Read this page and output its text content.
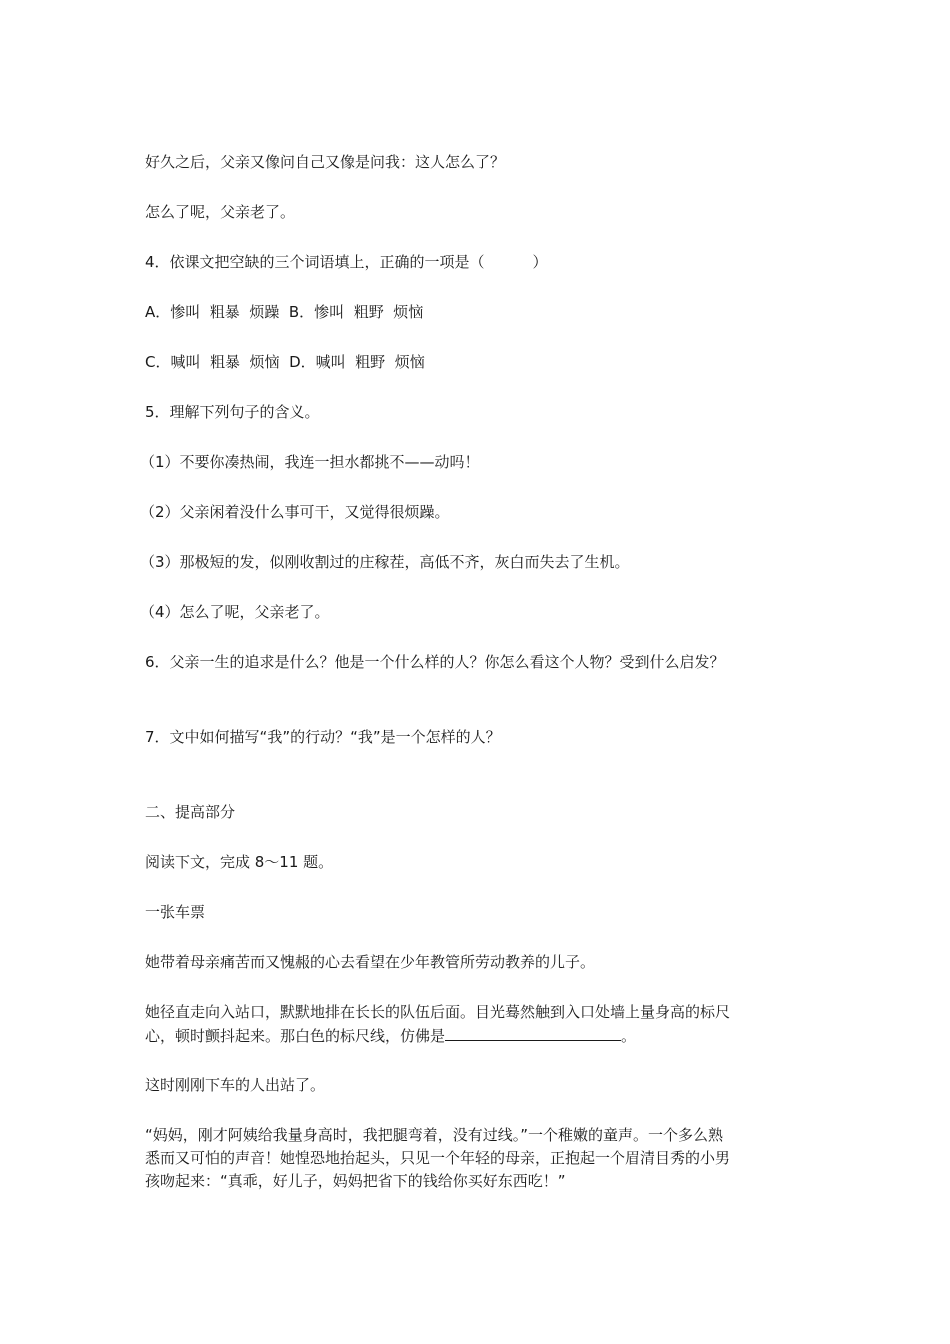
好久之后，父亲又像问自己又像是问我：这人怎么了？
怎么了呢，父亲老了。
4．依课文把空缺的三个词语填上，正确的一项是（	）
A．惨叫  粗暴  烦躁  B．惨叫  粗野  烦恼
C．喊叫  粗暴  烦恼  D．喊叫  粗野  烦恼
5．理解下列句子的含义。
（1）不要你凑热闹，我连一担水都挑不——动吗！
（2）父亲闲着没什么事可干，又觉得很烦躁。
（3）那极短的发，似刚收割过的庄稼茬，高低不齐，灰白而失去了生机。
（4）怎么了呢，父亲老了。
6．父亲一生的追求是什么？他是一个什么样的人？你怎么看这个人物？受到什么启发？
7．文中如何描写“我”的行动？“我”是一个怎样的人？
二、提高部分
阅读下文，完成 8～11 题。
一张车票
她带着母亲痛苦而又愧赧的心去看望在少年教管所劳动教养的儿子。
她径直走向入站口，默默地排在长长的队伍后面。目光蓦然触到入口处墙上量身高的标尺
心，顿时颤抖起来。那白色的标尺线，仿佛是	。
这时刚刚下车的人出站了。
“妈妈，刚才阿姨给我量身高时，我把腿弯着，没有过线。”一个稚嫩的童声。一个多么熟
悉而又可怕的声音！她惶恐地抬起头，只见一个年轻的母亲，正抱起一个眉清目秀的小男
孩吻起来：“真乖，好儿子，妈妈把省下的钱给你买好东西吃！”
